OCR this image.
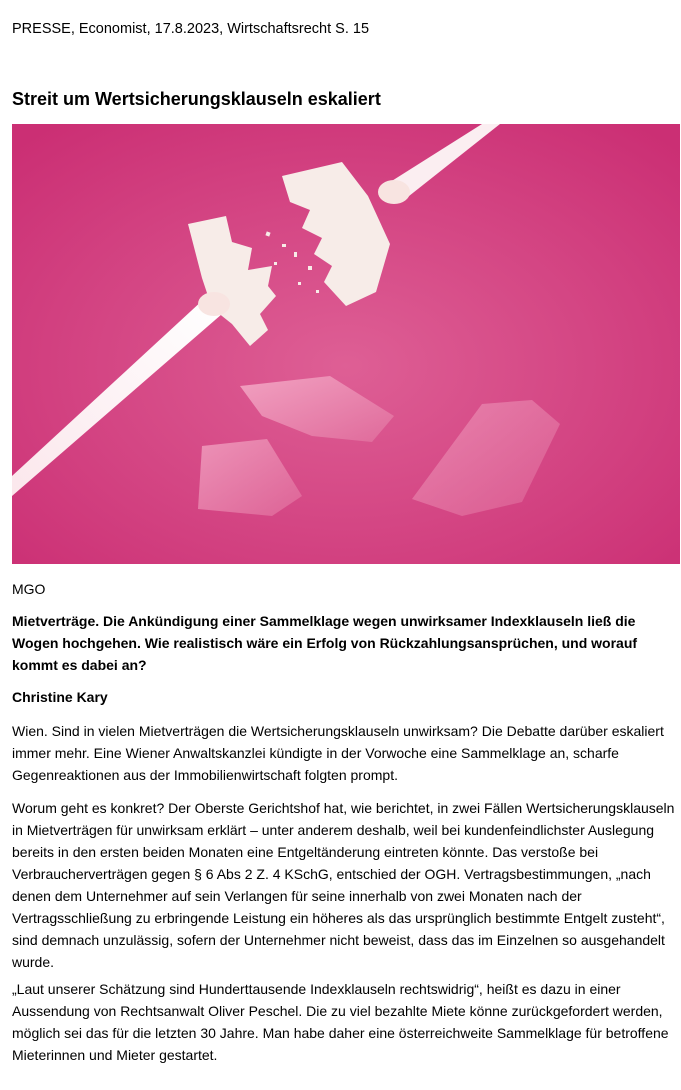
PRESSE, Economist, 17.8.2023, Wirtschaftsrecht S. 15
Streit um Wertsicherungsklauseln eskaliert
MGO

Mietverträge. Die Ankündigung einer Sammelklage wegen unwirksamer Indexklauseln ließ die Wogen hochgehen. Wie realistisch wäre ein Erfolg von Rückzahlungsansprüchen, und worauf kommt es dabei an?

Christine Kary

Wien. Sind in vielen Mietverträgen die Wertsicherungsklauseln unwirksam? Die Debatte darüber eskaliert immer mehr. Eine Wiener Anwaltskanzlei kündigte in der Vorwoche eine Sammelklage an, scharfe Gegenreaktionen aus der Immobilienwirtschaft folgten prompt.

Worum geht es konkret? Der Oberste Gerichtshof hat, wie berichtet, in zwei Fällen Wertsicherungsklauseln in Mietverträgen für unwirksam erklärt – unter anderem deshalb, weil bei kundenfeindlichster Auslegung bereits in den ersten beiden Monaten eine Entgeltänderung eintreten könnte. Das verstoße bei Verbraucherverträgen gegen § 6 Abs 2 Z. 4 KSchG, entschied der OGH. Vertragsbestimmungen, „nach denen dem Unternehmer auf sein Verlangen für seine innerhalb von zwei Monaten nach der Vertragsschließung zu erbringende Leistung ein höheres als das ursprünglich bestimmte Entgelt zusteht“, sind demnach unzulässig, sofern der Unternehmer nicht beweist, dass das im Einzelnen so ausgehandelt wurde.

„Laut unserer Schätzung sind Hunderttausende Indexklauseln rechtswidrig“, heißt es dazu in einer Aussendung von Rechtsanwalt Oliver Peschel. Die zu viel bezahlte Miete könne zurückgefordert werden, möglich sei das für die letzten 30 Jahre. Man habe daher eine österreichweite Sammelklage für betroffene Mieterinnen und Mieter gestartet.
